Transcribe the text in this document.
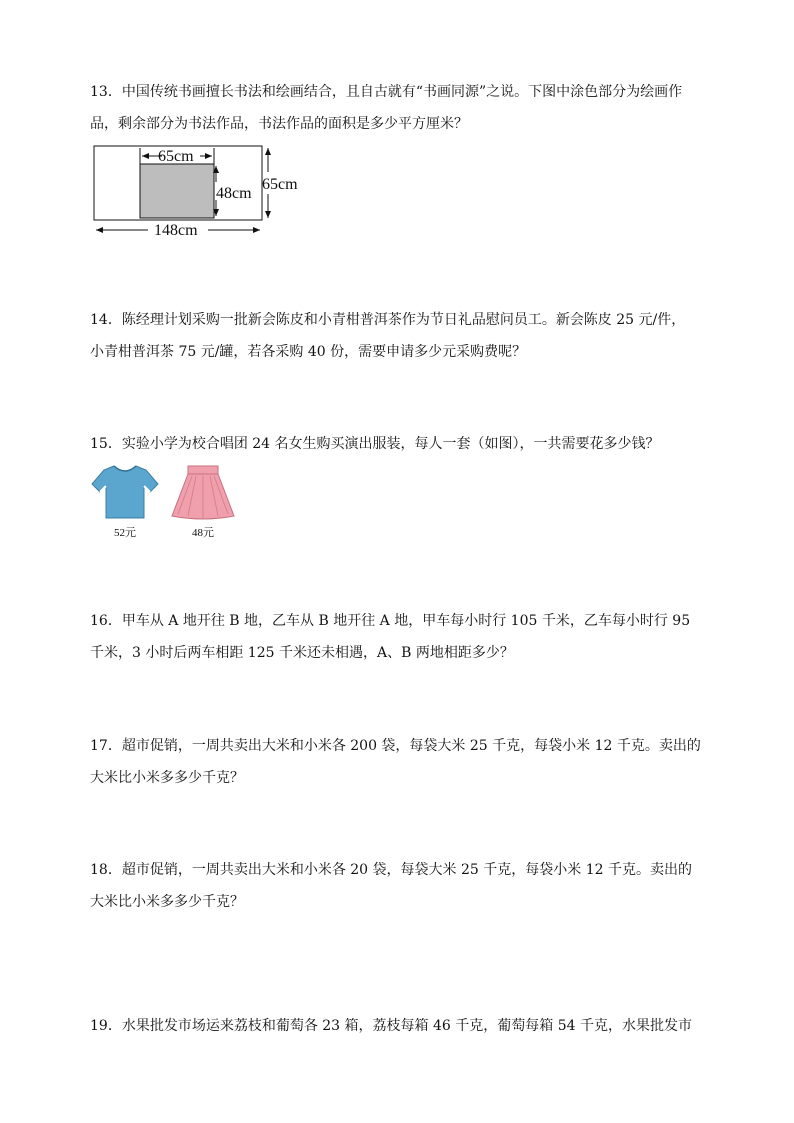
13．中国传统书画擅长书法和绘画结合，且自古就有“书画同源”之说。下图中涂色部分为绘画作

品，剩余部分为书法作品，书法作品的面积是多少平方厘米？

65cm
48cm
65cm
148cm

14．陈经理计划采购一批新会陈皮和小青柑普洱茶作为节日礼品慰问员工。新会陈皮 25 元/件，

小青柑普洱茶 75 元/罐，若各采购 40 份，需要申请多少元采购费呢？

15．实验小学为校合唱团 24 名女生购买演出服装，每人一套（如图），一共需要花多少钱？

52元	48元

16．甲车从 A 地开往 B 地，乙车从 B 地开往 A 地，甲车每小时行 105 千米，乙车每小时行 95

千米，3 小时后两车相距 125 千米还未相遇，A、B 两地相距多少？

17．超市促销，一周共卖出大米和小米各 200 袋，每袋大米 25 千克，每袋小米 12 千克。卖出的

大米比小米多多少千克？

18．超市促销，一周共卖出大米和小米各 20 袋，每袋大米 25 千克，每袋小米 12 千克。卖出的

大米比小米多多少千克？

19．水果批发市场运来荔枝和葡萄各 23 箱，荔枝每箱 46 千克，葡萄每箱 54 千克，水果批发市
